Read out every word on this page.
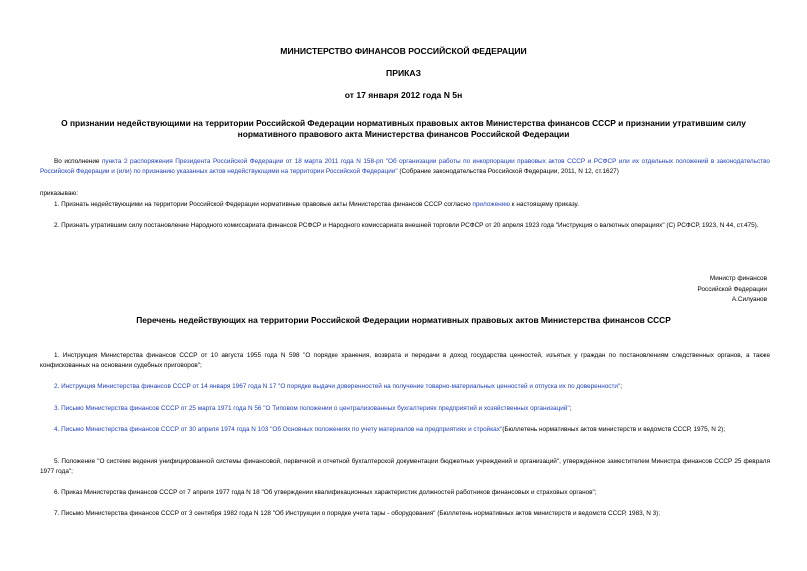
МИНИСТЕРСТВО ФИНАНСОВ РОССИЙСКОЙ ФЕДЕРАЦИИ
ПРИКАЗ
от 17 января 2012 года N 5н
О признании недействующими на территории Российской Федерации нормативных правовых актов Министерства финансов СССР и признании утратившим силу
нормативного правового акта Министерства финансов Российской Федерации
Во исполнение пункта 2 распоряжения Президента Российской Федерации от 18 марта 2011 года N 158-рп "Об организации работы по инкорпорации правовых актов СССР и РСФСР или их отдельных положений в законодательство Российской Федерации и (или) по признанию указанных актов недействующими на территории Российской Федерации" (Собрание законодательства Российской Федерации, 2011, N 12, ст.1627)
приказываю:
1. Признать недействующими на территории Российской Федерации нормативные правовые акты Министерства финансов СССР согласно приложению к настоящему приказу.
2. Признать утратившим силу постановление Народного комиссариата финансов РСФСР и Народного комиссариата внешней торговли РСФСР от 20 апреля 1923 года "Инструкция о валютных операциях" (С) РСФСР, 1923, N 44, ст.475).
Министр финансов
Российской Федерации
А.Силуанов
Перечень недействующих на территории Российской Федерации нормативных правовых актов Министерства финансов СССР
1. Инструкция Министерства финансов СССР от 10 августа 1955 года N 598 "О порядке хранения, возврата и передачи в доход государства ценностей, изъятых у граждан по постановлениям следственных органов, а также конфискованных на основании судебных приговоров";
2. Инструкция Министерства финансов СССР от 14 января 1967 года N 17 "О порядке выдачи доверенностей на получение товарно-материальных ценностей и отпуска их по доверенности";
3. Письмо Министерства финансов СССР от 25 марта 1971 года N 56 "О Типовом положении о централизованных бухгалтериях предприятий и хозяйственных организаций";
4. Письмо Министерства финансов СССР от 30 апреля 1974 года N 103 "Об Основных положениях по учету материалов на предприятиях и стройках"(Бюллетень нормативных актов министерств и ведомств СССР, 1975, N 2);
5. Положение "О системе ведения унифицированной системы финансовой, первичной и отчетной бухгалтерской документации бюджетных учреждений и организаций", утвержденное заместителем Министра финансов СССР 25 февраля 1977 года";
6. Приказ Министерства финансов СССР от 7 апреля 1977 года N 18 "Об утверждении квалификационных характеристик должностей работников финансовых и страховых органов";
7. Письмо Министерства финансов СССР от 3 сентября 1982 года N 128 "Об Инструкции о порядке учета тары - оборудования" (Бюллетень нормативных актов министерств и ведомств СССР, 1983, N 3);
